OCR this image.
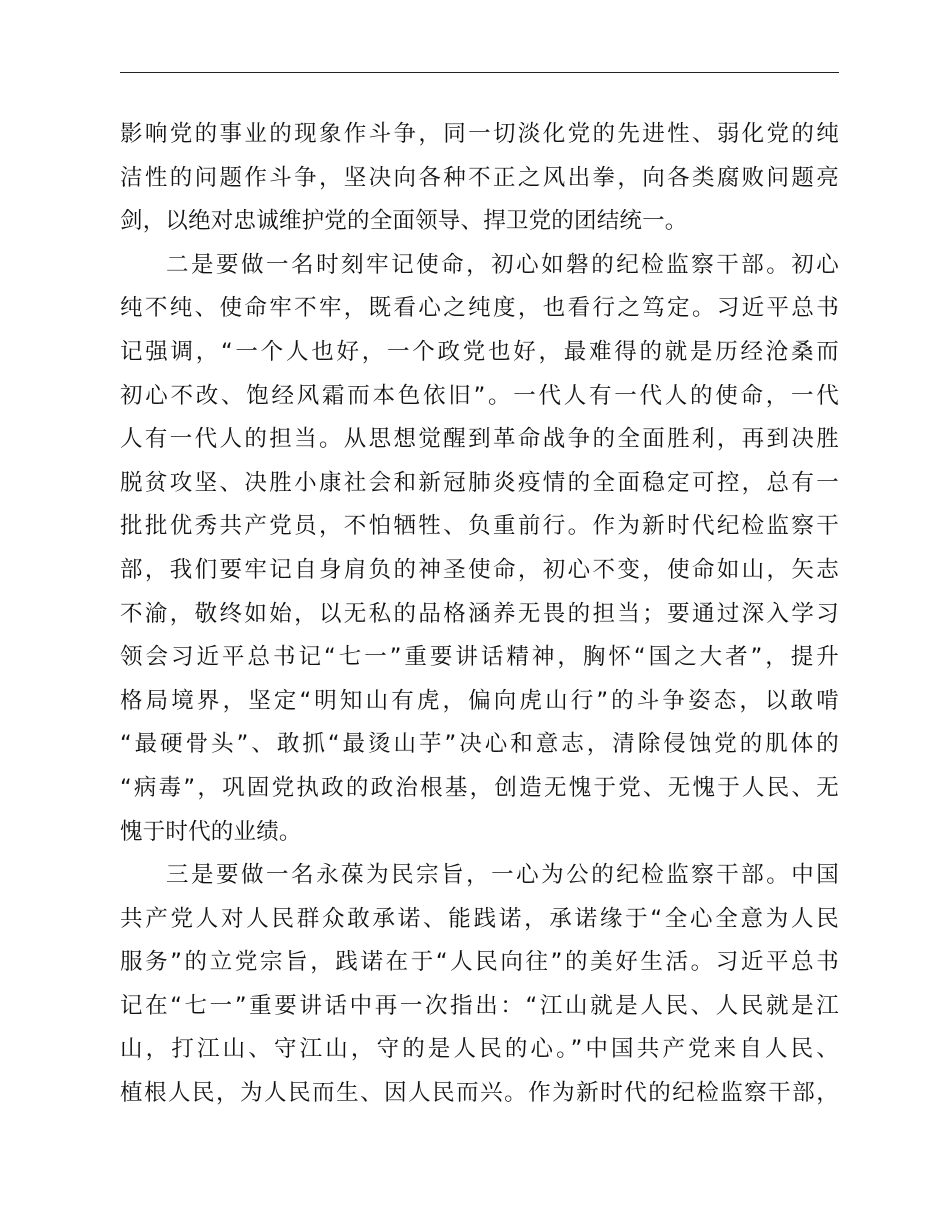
影响党的事业的现象作斗争，同一切淡化党的先进性、弱化党的纯
洁性的问题作斗争，坚决向各种不正之风出拳，向各类腐败问题亮
剑，以绝对忠诚维护党的全面领导、捍卫党的团结统一。
二是要做一名时刻牢记使命，初心如磐的纪检监察干部。初心
纯不纯、使命牢不牢，既看心之纯度，也看行之笃定。习近平总书
记强调，“一个人也好，一个政党也好，最难得的就是历经沧桑而
初心不改、饱经风霜而本色依旧”。一代人有一代人的使命，一代
人有一代人的担当。从思想觉醒到革命战争的全面胜利，再到决胜
脱贫攻坚、决胜小康社会和新冠肺炎疫情的全面稳定可控，总有一
批批优秀共产党员，不怕牺牲、负重前行。作为新时代纪检监察干
部，我们要牢记自身肩负的神圣使命，初心不变，使命如山，矢志
不渝，敬终如始，以无私的品格涵养无畏的担当；要通过深入学习
领会习近平总书记“七一”重要讲话精神，胸怀“国之大者”，提升
格局境界，坚定“明知山有虎，偏向虎山行”的斗争姿态，以敢啃
“最硬骨头”、敢抓“最烫山芋”决心和意志，清除侵蚀党的肌体的
“病毒”，巩固党执政的政治根基，创造无愧于党、无愧于人民、无
愧于时代的业绩。
三是要做一名永葆为民宗旨，一心为公的纪检监察干部。中国
共产党人对人民群众敢承诺、能践诺，承诺缘于“全心全意为人民
服务”的立党宗旨，践诺在于“人民向往”的美好生活。习近平总书
记在“七一”重要讲话中再一次指出：“江山就是人民、人民就是江
山，打江山、守江山，守的是人民的心。”中国共产党来自人民、
植根人民，为人民而生、因人民而兴。作为新时代的纪检监察干部，
